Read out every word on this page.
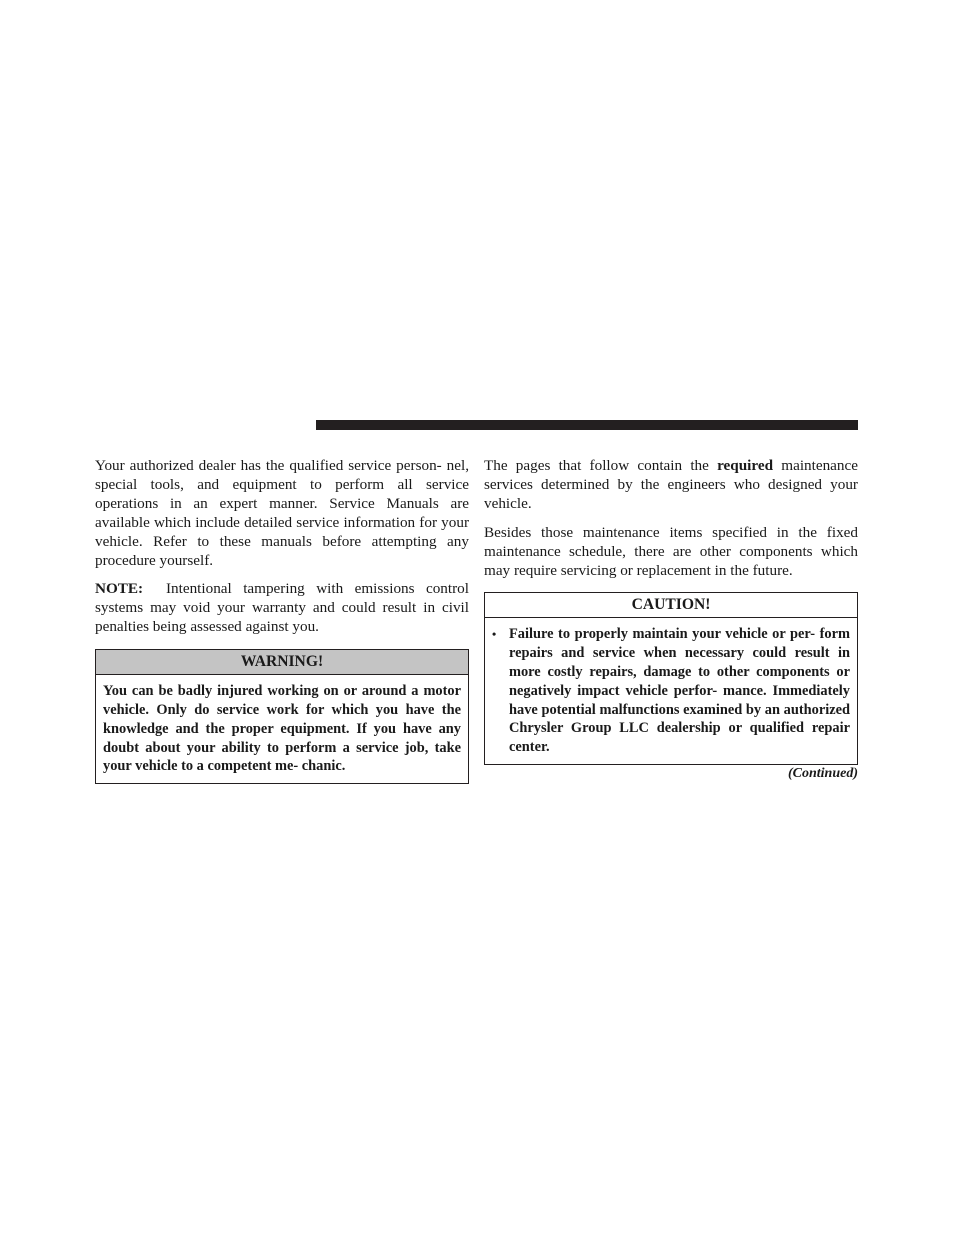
Your authorized dealer has the qualified service person- nel, special tools, and equipment to perform all service operations in an expert manner. Service Manuals are available which include detailed service information for your vehicle. Refer to these manuals before attempting any procedure yourself.

NOTE: Intentional tampering with emissions control systems may void your warranty and could result in civil penalties being assessed against you.

WARNING!
You can be badly injured working on or around a motor vehicle. Only do service work for which you have the knowledge and the proper equipment. If you have any doubt about your ability to perform a service job, take your vehicle to a competent me- chanic.

The pages that follow contain the required maintenance services determined by the engineers who designed your vehicle.

Besides those maintenance items specified in the fixed maintenance schedule, there are other components which may require servicing or replacement in the future.

CAUTION!
• Failure to properly maintain your vehicle or per- form repairs and service when necessary could result in more costly repairs, damage to other components or negatively impact vehicle perfor- mance. Immediately have potential malfunctions examined by an authorized Chrysler Group LLC dealership or qualified repair center.
(Continued)
